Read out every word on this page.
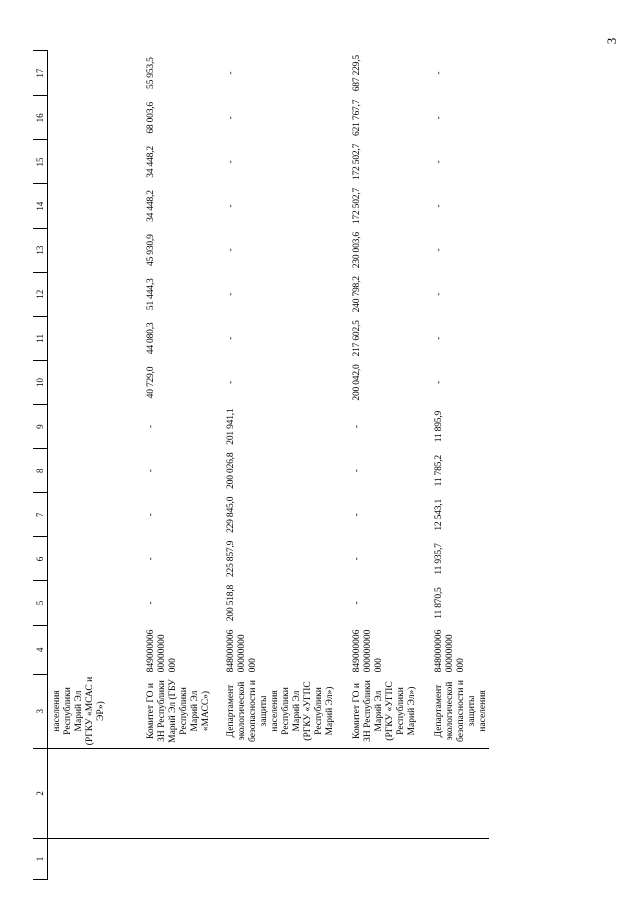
3
1	2	3	4	5	6	7	8	9	10	11	12	13	14	15	16	17
		населения Республики Марий Эл (РГКУ «МСАС и ЭР»)														
		Комитет ГО и ЗН Республики Марий Эл (ГБУ Республики Марий Эл «МАСС»)	849000006 00000000 000	-	-	-	-	-	40 729,0	44 080,3	51 444,3	45 930,9	34 448,2	34 448,2	68 003,6	55 953,5
		Департамент экологической безопасности и защиты населения Республики Марий Эл (РГКУ «УГПС Республики Марий Эл»)	848000006 00000000 000	200 518,8	225 857,9	229 845,0	200 026,8	201 941,1	-	-	-	-	-	-	-	-
		Комитет ГО и ЗН Республики Марий Эл (РГКУ «УГПС Республики Марий Эл»)	849000006 000000000 000	-	-	-	-	-	200 042,0	217 602,5	240 798,2	230 003,6	172 502,7	172 502,7	621 767,7	687 229,5
		Департамент экологической безопасности и защиты населения	848000006 00000000 000	11 870,5	11 935,7	12 543,1	11 785,2	11 895,9	-	-	-	-	-	-	-	-
